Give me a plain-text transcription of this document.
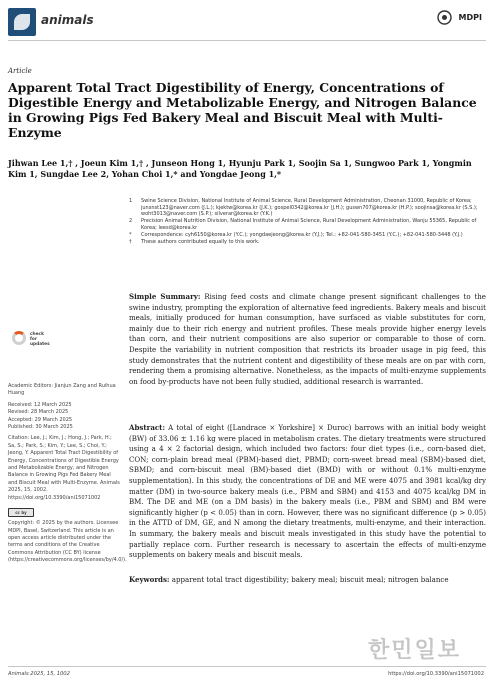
animals	MDPI
Article
Apparent Total Tract Digestibility of Energy, Concentrations of Digestible Energy and Metabolizable Energy, and Nitrogen Balance in Growing Pigs Fed Bakery Meal and Biscuit Meal with Multi-Enzyme
Jihwan Lee 1,† , Joeun Kim 1,† , Junseon Hong 1, Hyunju Park 1, Soojin Sa 1, Sungwoo Park 1, Yongmin Kim 1, Sungdae Lee 2, Yohan Choi 1,* and Yongdae Jeong 1,*
1 Swine Science Division, National Institute of Animal Science, Rural Development Administration, Cheonan 31000, Republic of Korea; junsnst123@naver.com (J.L.); kjektw@korea.kr (J.K.); gospel0342@korea.kr (J.H.); guswn707@korea.kr (H.P.); soojinsa@korea.kr (S.S.); woht3013@naver.com (S.P.); silverar@korea.kr (Y.K.)
2 Precision Animal Nutrition Division, National Institute of Animal Science, Rural Development Administration, Wanju 55365, Republic of Korea; leesd@korea.kr
* Correspondence: cyh6150@korea.kr (Y.C.); yongdaejeong@korea.kr (Y.J.); Tel.: +82-041-580-3451 (Y.C.); +82-041-580-3448 (Y.J.)
† These authors contributed equally to this work.
Simple Summary: Rising feed costs and climate change present significant challenges to the swine industry, prompting the exploration of alternative feed ingredients. Bakery meals and biscuit meals, initially produced for human consumption, have surfaced as viable substitutes for corn, mainly due to their rich energy and nutrient profiles. These meals provide higher energy levels than corn, and their nutrient compositions are also superior or comparable to those of corn. Despite the variability in nutrient composition that restricts its broader usage in pig feed, this study demonstrates that the nutrient content and digestibility of these meals are on par with corn, rendering them a promising alternative. Nonetheless, as the impacts of multi-enzyme supplements on food by-products have not been fully studied, additional research is warranted.
Abstract: A total of eight ([Landrace × Yorkshire] × Duroc) barrows with an initial body weight (BW) of 33.06 ± 1.16 kg were placed in metabolism crates. The dietary treatments were structured using a 4 × 2 factorial design, which included two factors: four diet types (i.e., corn-based diet, CON; corn-plain bread meal (PBM)-based diet, PBMD; corn-sweet bread meal (SBM)-based diet, SBMD; and corn-biscuit meal (BM)-based diet (BMD) with or without 0.1% multi-enzyme supplementation). In this study, the concentrations of DE and ME were 4075 and 3981 kcal/kg dry matter (DM) in two-source bakery meals (i.e., PBM and SBM) and 4153 and 4075 kcal/kg DM in BM. The DE and ME (on a DM basis) in the bakery meals (i.e., PBM and SBM) and BM were significantly higher (p < 0.05) than in corn. However, there was no significant difference (p > 0.05) in the ATTD of DM, GE, and N among the dietary treatments, multi-enzyme, and their interaction. In summary, the bakery meals and biscuit meals investigated in this study have the potential to partially replace corn. Further research is necessary to ascertain the effects of multi-enzyme supplements on bakery meals and biscuit meals.
Keywords: apparent total tract digestibility; bakery meal; biscuit meal; nitrogen balance
check for updates
Academic Editors: Jianjun Zang and Ruihua Huang
Received: 12 March 2025
Revised: 28 March 2025
Accepted: 29 March 2025
Published: 30 March 2025
Citation: Lee, J.; Kim, J.; Hong, J.; Park, H.; Sa, S.; Park, S.; Kim, Y.; Lee, S.; Choi, Y.; Jeong, Y. Apparent Total Tract Digestibility of Energy, Concentrations of Digestible Energy and Metabolizable Energy, and Nitrogen Balance in Growing Pigs Fed Bakery Meal and Biscuit Meal with Multi-Enzyme. Animals 2025, 15, 1002. https://doi.org/10.3390/ani15071002
cc by
Copyright: © 2025 by the authors. Licensee MDPI, Basel, Switzerland. This article is an open access article distributed under the terms and conditions of the Creative Commons Attribution (CC BY) license (https://creativecommons.org/licenses/by/4.0/).
Animals 2025, 15, 1002	https://doi.org/10.3390/ani15071002
한민일보
